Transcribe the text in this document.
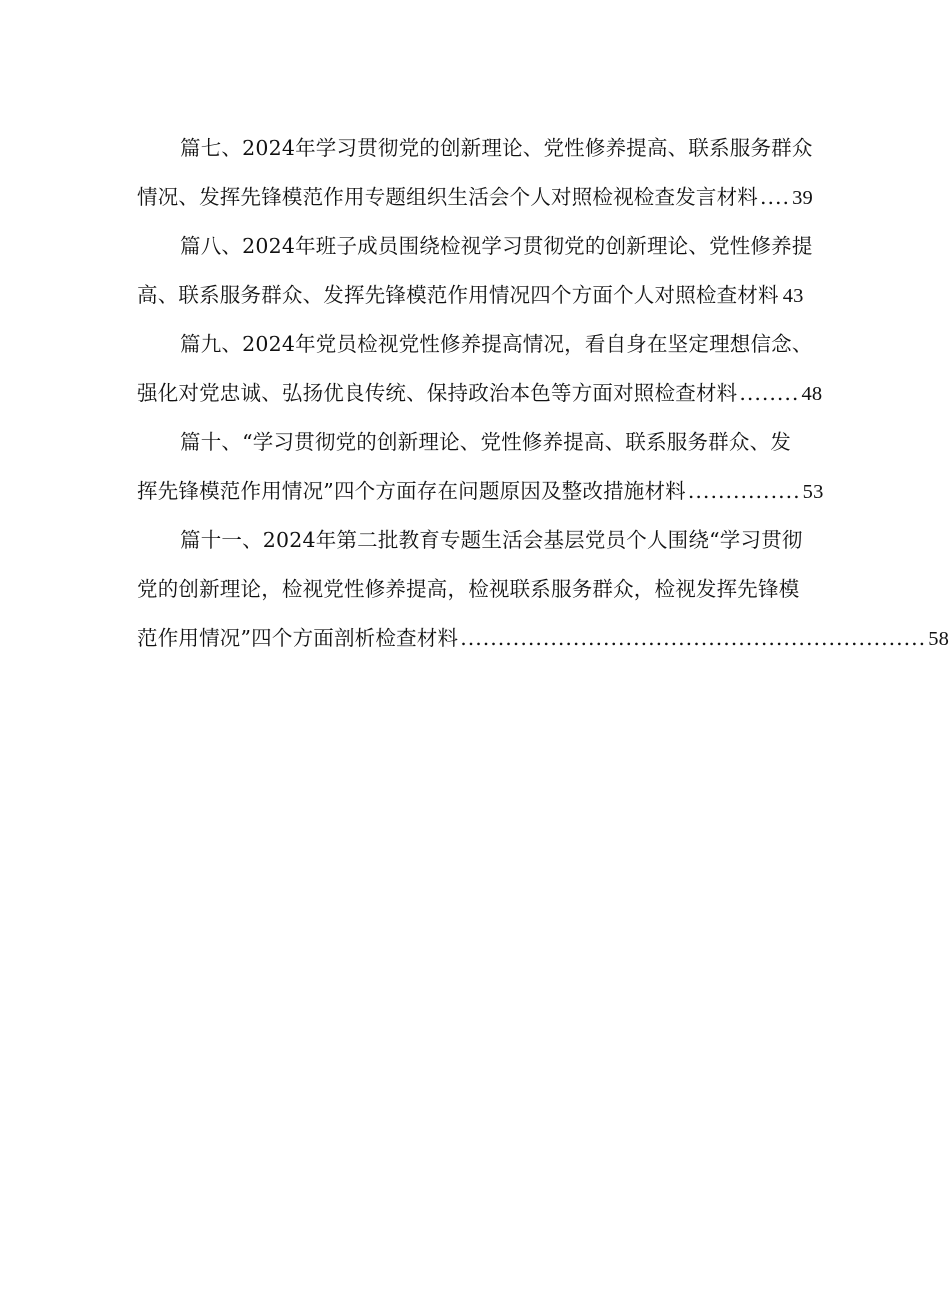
篇七、2024年学习贯彻党的创新理论、党性修养提高、联系服务群众
情况、发挥先锋模范作用专题组织生活会个人对照检视检查发言材料 .... 39
篇八、2024年班子成员围绕检视学习贯彻党的创新理论、党性修养提
高、联系服务群众、发挥先锋模范作用情况四个方面个人对照检查材料 43
篇九、2024年党员检视党性修养提高情况，看自身在坚定理想信念、
强化对党忠诚、弘扬优良传统、保持政治本色等方面对照检查材料 ........ 48
篇十、“学习贯彻党的创新理论、党性修养提高、联系服务群众、发
挥先锋模范作用情况”四个方面存在问题原因及整改措施材料 ............... 53
篇十一、2024年第二批教育专题生活会基层党员个人围绕“学习贯彻
党的创新理论，检视党性修养提高，检视联系服务群众，检视发挥先锋模
范作用情况”四个方面剖析检查材料 .............................................................. 58
